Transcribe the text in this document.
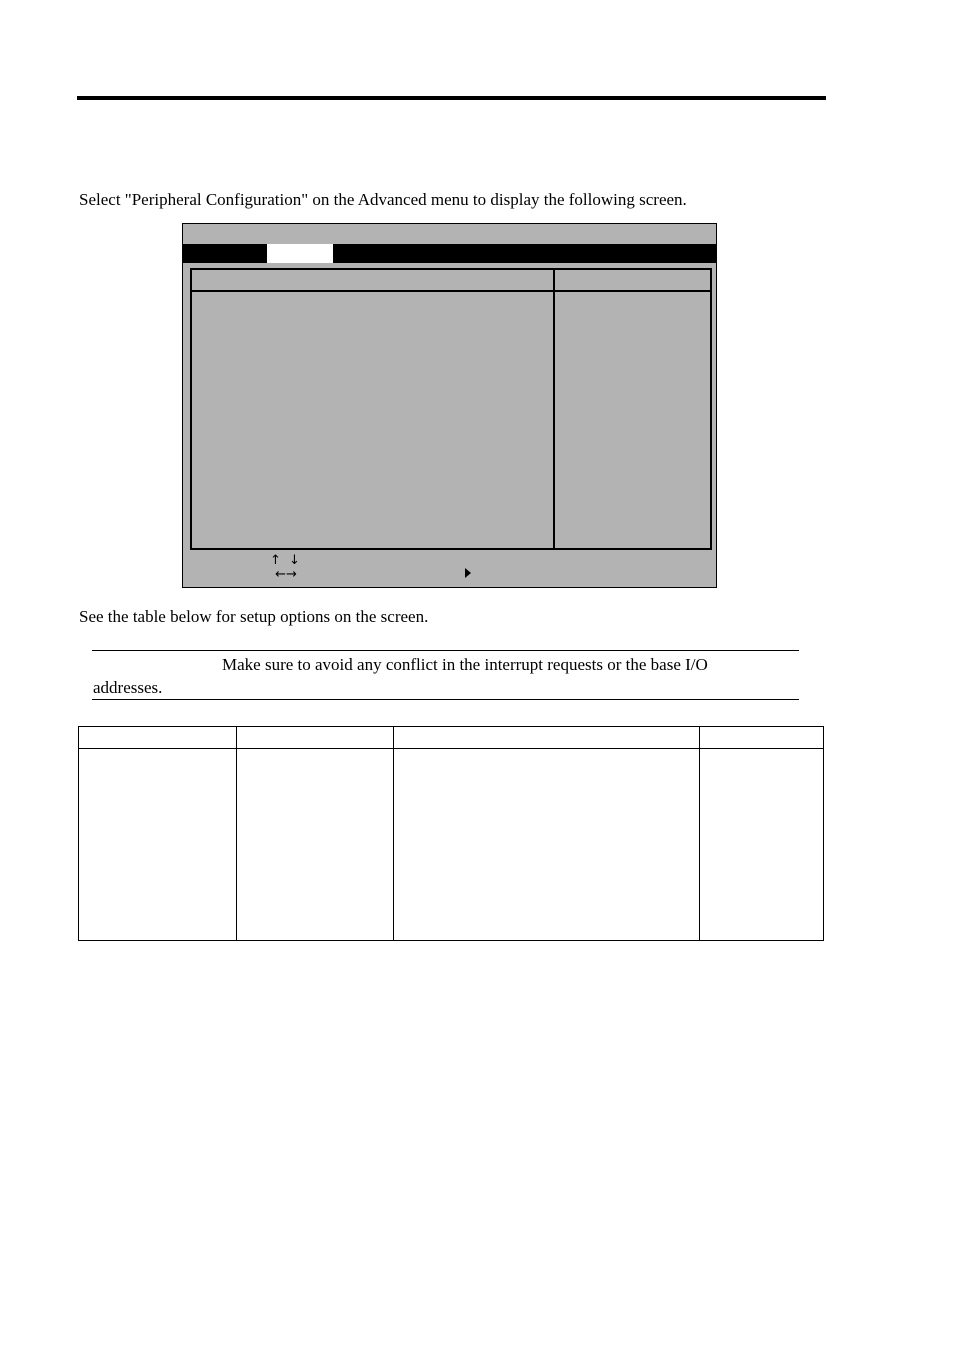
Select "Peripheral Configuration" on the Advanced menu to display the following screen.
↑ ↓
←→
See the table below for setup options on the screen.
Make sure to avoid any conflict in the interrupt requests or the base I/O
addresses.
